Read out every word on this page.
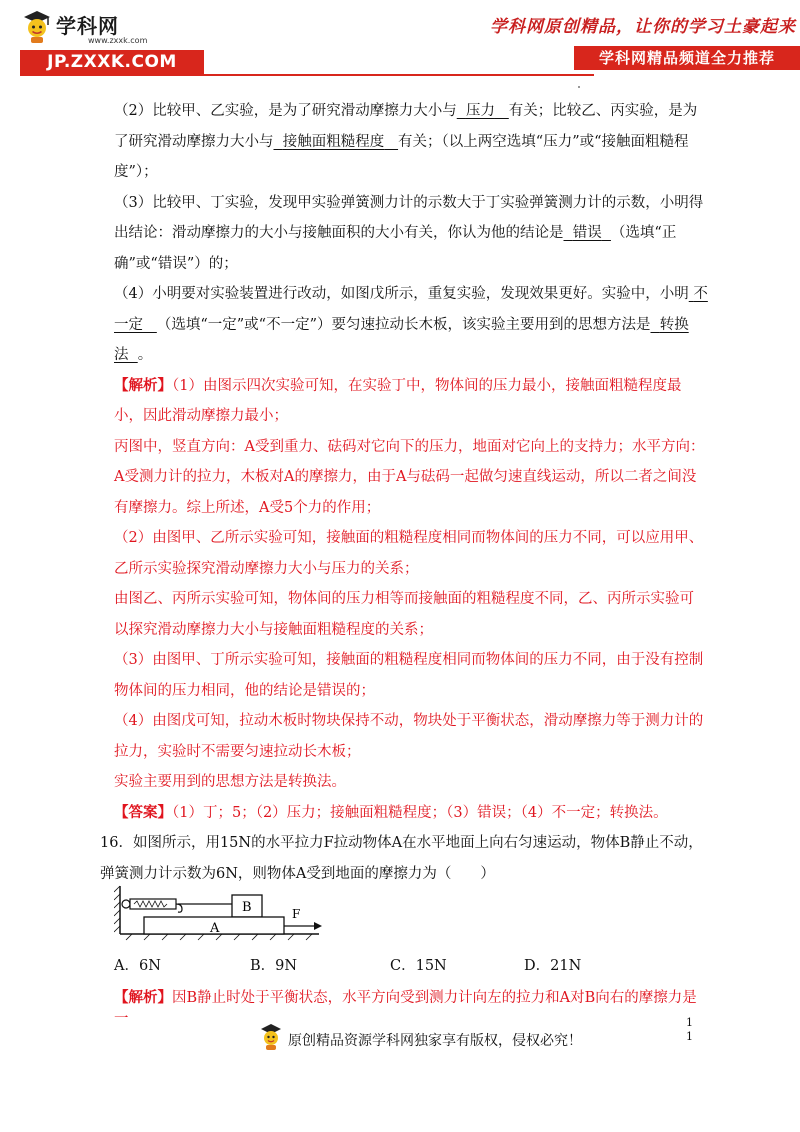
学科网
www.zxxk.com
JP.ZXXK.COM
学科网原创精品，让你的学习土豪起来
学科网精品频道全力推荐

（2）比较甲、乙实验，是为了研究滑动摩擦力大小与 压力 有关；比较乙、丙实验，是为了研究滑动摩擦力大小与 接触面粗糙程度 有关；（以上两空选填“压力”或“接触面粗糙程度”）；

（3）比较甲、丁实验，发现甲实验弹簧测力计的示数大于丁实验弹簧测力计的示数，小明得出结论：滑动摩擦力的大小与接触面积的大小有关，你认为他的结论是 错误 （选填“正确”或“错误”）的；

（4）小明要对实验装置进行改动，如图戊所示，重复实验，发现效果更好。实验中，小明 不一定 （选填“一定”或“不一定”）要匀速拉动长木板，该实验主要用到的思想方法是 转换法 。

【解析】（1）由图示四次实验可知，在实验丁中，物体间的压力最小，接触面粗糙程度最小，因此滑动摩擦力最小；

丙图中，竖直方向：A受到重力、砝码对它向下的压力，地面对它向上的支持力；水平方向：A受测力计的拉力，木板对A的摩擦力，由于A与砝码一起做匀速直线运动，所以二者之间没有摩擦力。综上所述，A受5个力的作用；

（2）由图甲、乙所示实验可知，接触面的粗糙程度相同而物体间的压力不同，可以应用甲、乙所示实验探究滑动摩擦力大小与压力的关系；

由图乙、丙所示实验可知，物体间的压力相等而接触面的粗糙程度不同，乙、丙所示实验可以探究滑动摩擦力大小与接触面粗糙程度的关系；

（3）由图甲、丁所示实验可知，接触面的粗糙程度相同而物体间的压力不同，由于没有控制物体间的压力相同，他的结论是错误的；

（4）由图戊可知，拉动木板时物块保持不动，物块处于平衡状态，滑动摩擦力等于测力计的拉力，实验时不需要匀速拉动长木板；

实验主要用到的思想方法是转换法。

【答案】（1）丁；5；（2）压力；接触面粗糙程度；（3）错误；（4）不一定；转换法。

16．如图所示，用15N的水平拉力F拉动物体A在水平地面上向右匀速运动，物体B静止不动，弹簧测力计示数为6N，则物体A受到地面的摩擦力为（　　）

B
A
F
A．6N	B．9N	C．15N	D．21N
【解析】因B静止时处于平衡状态，水平方向受到测力计向左的拉力和A对B向右的摩擦力是一
原创精品资源学科网独家享有版权，侵权必究！
1
1
